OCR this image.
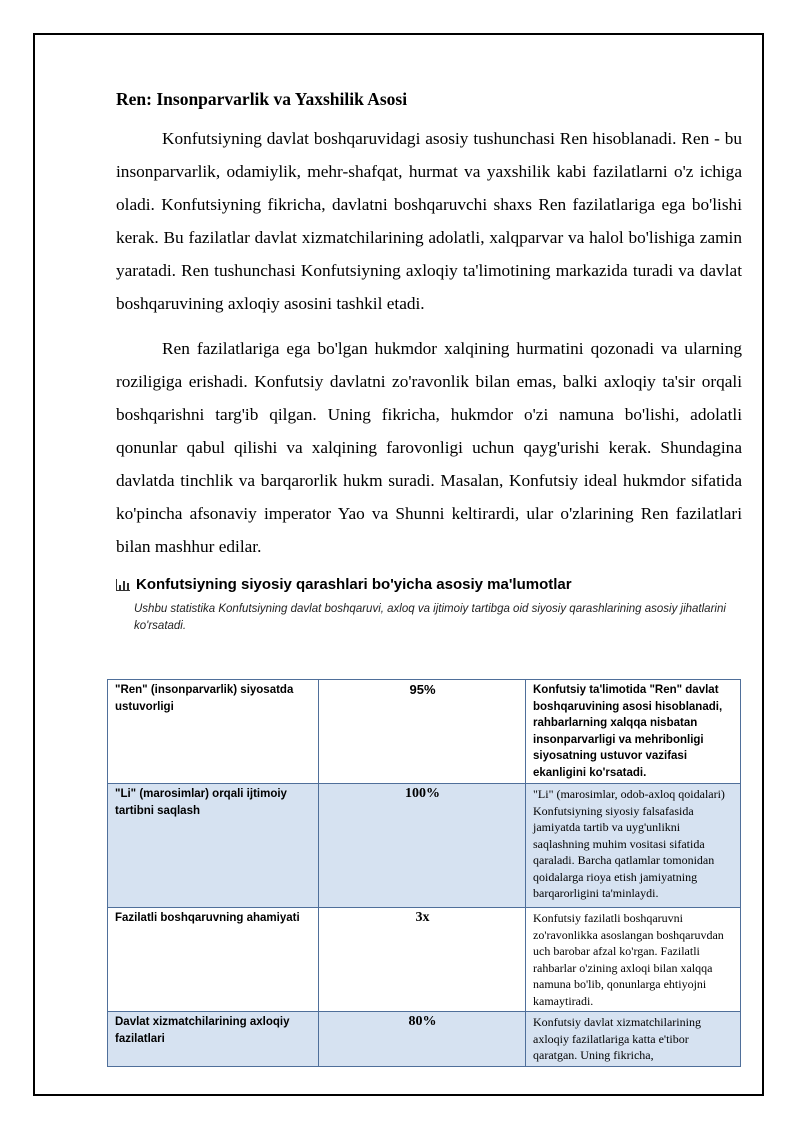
Ren: Insonparvarlik va Yaxshilik Asosi

Konfutsiyning davlat boshqaruvidagi asosiy tushunchasi Ren hisoblanadi. Ren - bu insonparvarlik, odamiylik, mehr-shafqat, hurmat va yaxshilik kabi fazilatlarni o'z ichiga oladi. Konfutsiyning fikricha, davlatni boshqaruvchi shaxs Ren fazilatlariga ega bo'lishi kerak. Bu fazilatlar davlat xizmatchilarining adolatli, xalqparvar va halol bo'lishiga zamin yaratadi. Ren tushunchasi Konfutsiyning axloqiy ta'limotining markazida turadi va davlat boshqaruvining axloqiy asosini tashkil etadi.

Ren fazilatlariga ega bo'lgan hukmdor xalqining hurmatini qozonadi va ularning roziligiga erishadi. Konfutsiy davlatni zo'ravonlik bilan emas, balki axloqiy ta'sir orqali boshqarishni targ'ib qilgan. Uning fikricha, hukmdor o'zi namuna bo'lishi, adolatli qonunlar qabul qilishi va xalqining farovonligi uchun qayg'urishi kerak. Shundagina davlatda tinchlik va barqarorlik hukm suradi. Masalan, Konfutsiy ideal hukmdor sifatida ko'pincha afsonaviy imperator Yao va Shunni keltirardi, ular o'zlarining Ren fazilatlari bilan mashhur edilar.

Konfutsiyning siyosiy qarashlari bo'yicha asosiy ma'lumotlar
Ushbu statistika Konfutsiyning davlat boshqaruvi, axloq va ijtimoiy tartibga oid siyosiy qarashlarining asosiy jihatlarini ko'rsatadi.
"Ren" (insonparvarlik) siyosatda ustuvorligi	95%	Konfutsiy ta'limotida "Ren" davlat boshqaruvining asosi hisoblanadi, rahbarlarning xalqqa nisbatan insonparvarligi va mehribonligi siyosatning ustuvor vazifasi ekanligini ko'rsatadi.
"Li" (marosimlar) orqali ijtimoiy tartibni saqlash	100%	"Li" (marosimlar, odob-axloq qoidalari) Konfutsiyning siyosiy falsafasida jamiyatda tartib va uyg'unlikni saqlashning muhim vositasi sifatida qaraladi. Barcha qatlamlar tomonidan qoidalarga rioya etish jamiyatning barqarorligini ta'minlaydi.
Fazilatli boshqaruvning ahamiyati	3x	Konfutsiy fazilatli boshqaruvni zo'ravonlikka asoslangan boshqaruvdan uch barobar afzal ko'rgan. Fazilatli rahbarlar o'zining axloqi bilan xalqqa namuna bo'lib, qonunlarga ehtiyojni kamaytiradi.
Davlat xizmatchilarining axloqiy fazilatlari	80%	Konfutsiy davlat xizmatchilarining axloqiy fazilatlariga katta e'tibor qaratgan. Uning fikricha,
